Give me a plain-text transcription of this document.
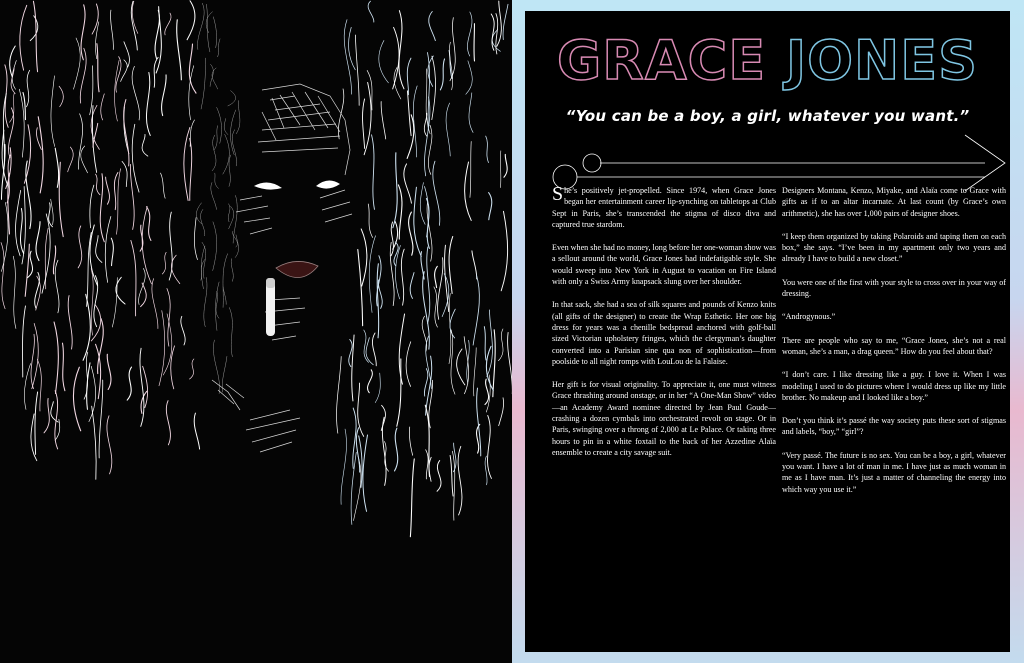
GRACE JONES
“You can be a boy, a girl, whatever you want.”

She’s positively jet-propelled. Since 1974, when Grace Jones began her entertainment career lip-synching on tabletops at Club Sept in Paris, she’s transcended the stigma of disco diva and captured true stardom.

Even when she had no money, long before her one-woman show was a sellout around the world, Grace Jones had indefatigable style. She would sweep into New York in August to vacation on Fire Island with only a Swiss Army knapsack slung over her shoulder.

In that sack, she had a sea of silk squares and pounds of Kenzo knits (all gifts of the designer) to create the Wrap Esthetic. Her one big dress for years was a chenille bedspread anchored with golf-ball sized Victorian upholstery fringes, which the clergyman’s daughter converted into a Parisian sine qua non of sophistication—from poolside to all night romps with LouLou de la Falaise.

Her gift is for visual originality. To appreciate it, one must witness Grace thrashing around onstage, or in her “A One-Man Show” video—an Academy Award nominee directed by Jean Paul Goude—crashing a dozen cymbals into orchestrated revolt on stage. Or in Paris, swinging over a throng of 2,000 at Le Palace. Or taking three hours to pin in a white foxtail to the back of her Azzedine Alaïa ensemble to create a city savage suit.

Designers Montana, Kenzo, Miyake, and Alaïa come to Grace with gifts as if to an altar incarnate. At last count (by Grace’s own arithmetic), she has over 1,000 pairs of designer shoes.

“I keep them organized by taking Polaroids and taping them on each box,” she says. “I’ve been in my apartment only two years and already I have to build a new closet.”

You were one of the first with your style to cross over in your way of dressing.

“Androgynous.”

There are people who say to me, “Grace Jones, she’s not a real woman, she’s a man, a drag queen.” How do you feel about that?

“I don’t care. I like dressing like a guy. I love it. When I was modeling I used to do pictures where I would dress up like my little brother. No makeup and I looked like a boy.”

Don’t you think it’s passé the way society puts these sort of stigmas and labels, “boy,” “girl”?

“Very passé. The future is no sex. You can be a boy, a girl, whatever you want. I have a lot of man in me. I have just as much woman in me as I have man. It’s just a matter of channeling the energy into which way you use it.”
